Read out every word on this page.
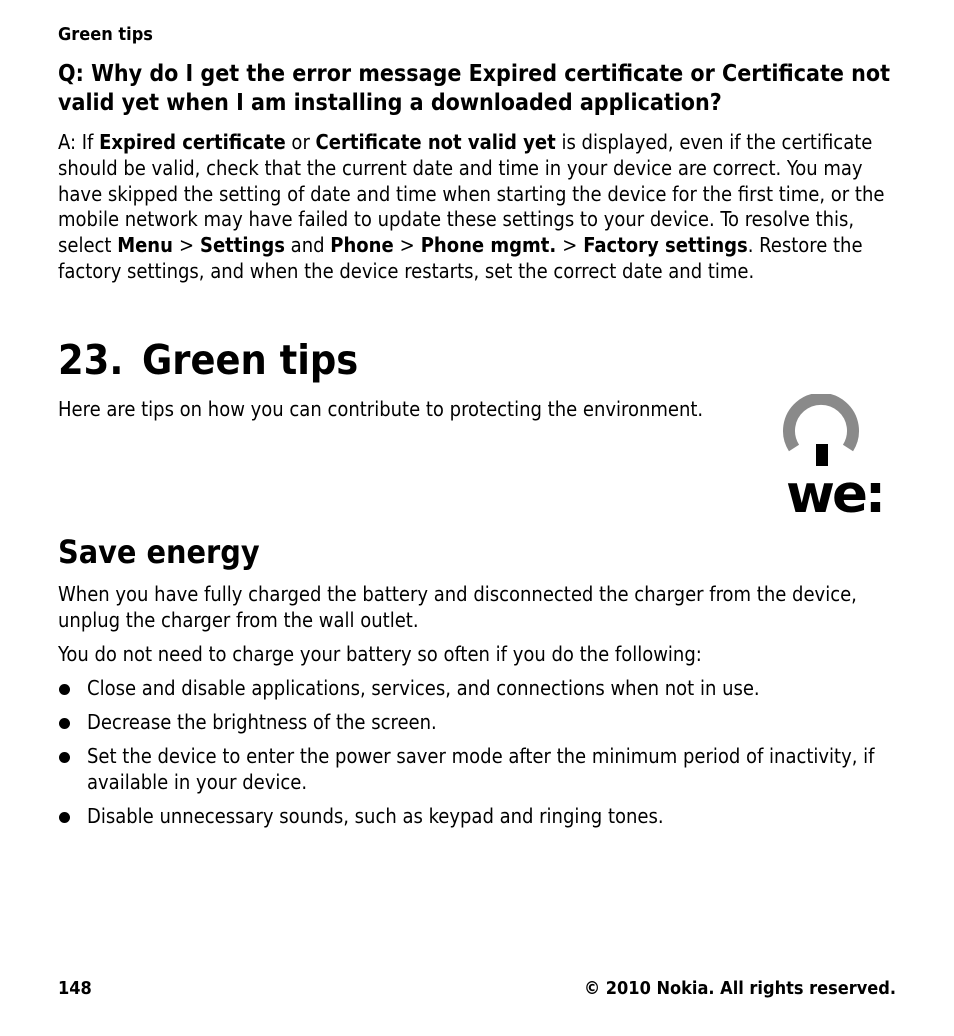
Green tips
Q: Why do I get the error message Expired certificate or Certificate not valid yet when I am installing a downloaded application?
A: If Expired certificate or Certificate not valid yet is displayed, even if the certificate should be valid, check that the current date and time in your device are correct. You may have skipped the setting of date and time when starting the device for the first time, or the mobile network may have failed to update these settings to your device. To resolve this, select Menu > Settings and Phone > Phone mgmt. > Factory settings. Restore the factory settings, and when the device restarts, set the correct date and time.
23. Green tips
Here are tips on how you can contribute to protecting the environment.
we:
Save energy
When you have fully charged the battery and disconnected the charger from the device, unplug the charger from the wall outlet.
You do not need to charge your battery so often if you do the following:
Close and disable applications, services, and connections when not in use.
Decrease the brightness of the screen.
Set the device to enter the power saver mode after the minimum period of inactivity, if available in your device.
Disable unnecessary sounds, such as keypad and ringing tones.
148	© 2010 Nokia. All rights reserved.
